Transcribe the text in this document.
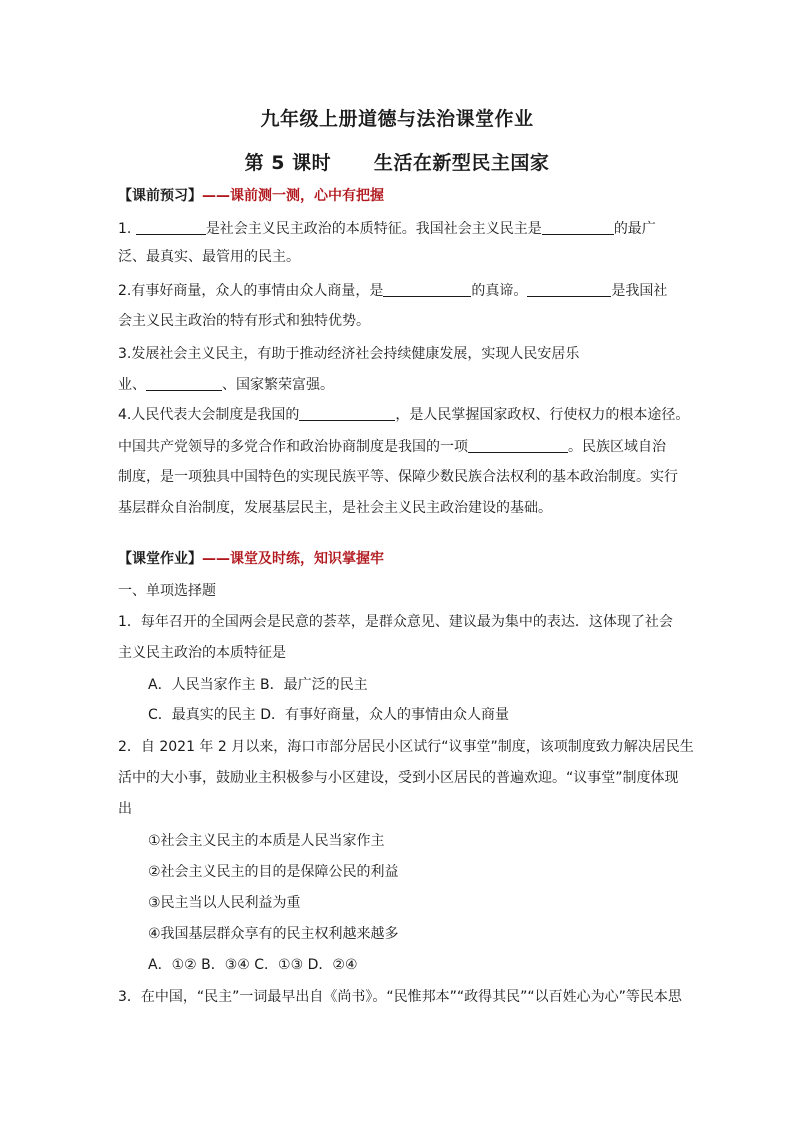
九年级上册道德与法治课堂作业
第 5 课时 生活在新型民主国家
【课前预习】——课前测一测，心中有把握
1.	是社会主义民主政治的本质特征。我国社会主义民主是	的最广
泛、最真实、最管用的民主。
2.有事好商量，众人的事情由众人商量，是	的真谛。	是我国社
会主义民主政治的特有形式和独特优势。
3.发展社会主义民主，有助于推动经济社会持续健康发展，实现人民安居乐
业、	、国家繁荣富强。
4.人民代表大会制度是我国的	，是人民掌握国家政权、行使权力的根本途径。
中国共产党领导的多党合作和政治协商制度是我国的一项	。民族区域自治
制度，是一项独具中国特色的实现民族平等、保障少数民族合法权利的基本政治制度。实行
基层群众自治制度，发展基层民主，是社会主义民主政治建设的基础。
【课堂作业】——课堂及时练，知识掌握牢
一、单项选择题
1．每年召开的全国两会是民意的荟萃，是群众意见、建议最为集中的表达．这体现了社会
主义民主政治的本质特征是
A．人民当家作主 B．最广泛的民主
C．最真实的民主 D．有事好商量，众人的事情由众人商量
2．自 2021 年 2 月以来，海口市部分居民小区试行“议事堂”制度，该项制度致力解决居民生
活中的大小事，鼓励业主积极参与小区建设，受到小区居民的普遍欢迎。“议事堂”制度体现
出
①社会主义民主的本质是人民当家作主
②社会主义民主的目的是保障公民的利益
③民主当以人民利益为重
④我国基层群众享有的民主权利越来越多
A．①② B．③④ C．①③ D．②④
3．在中国，“民主”一词最早出自《尚书》。“民惟邦本”“政得其民”“以百姓心为心”等民本思
